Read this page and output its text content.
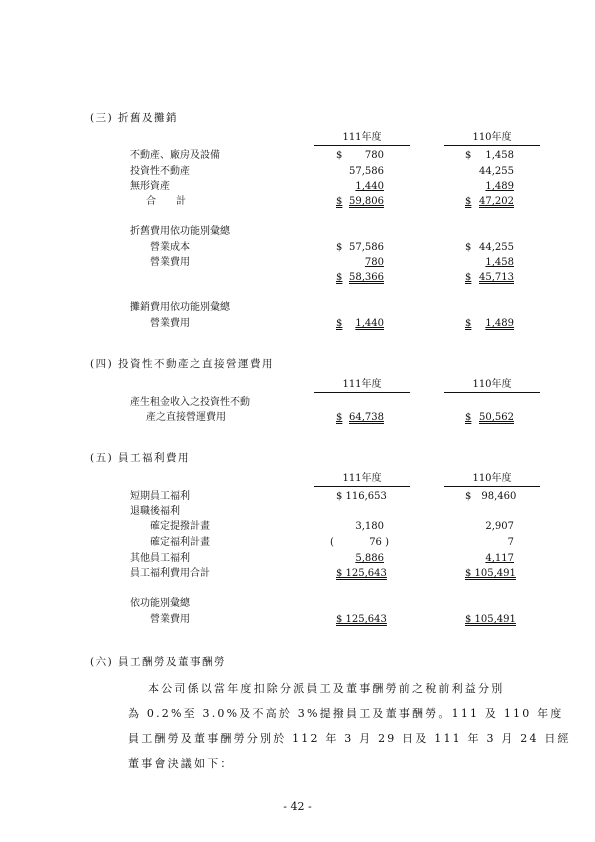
(三) 折舊及攤銷
111年度	110年度
不動產、廠房及設備	$ 780	$ 1,458
投資性不動產	57,586	44,255
無形資產	1,440	1,489
合　　計	$ 59,806	$ 47,202
折舊費用依功能別彙總
營業成本	$ 57,586	$ 44,255
營業費用	780	1,458
$ 58,366	$ 45,713
攤銷費用依功能別彙總
營業費用	$	1,440	$	1,489
(四) 投資性不動產之直接營運費用
111年度	110年度
產生租金收入之投資性不動
產之直接營運費用	$ 64,738	$ 50,562
(五) 員工福利費用
111年度	110年度
短期員工福利	$ 116,653	$　98,460
退職後福利
確定提撥計畫	3,180	2,907
確定福利計畫	(	76 )	7
其他員工福利	5,886	4,117
員工福利費用合計	$ 125,643	$ 105,491
依功能別彙總
營業費用	$ 125,643	$ 105,491
(六) 員工酬勞及董事酬勞
本公司係以當年度扣除分派員工及董事酬勞前之稅前利益分別
為 0.2%至 3.0%及不高於 3%提撥員工及董事酬勞。111 及 110 年度
員工酬勞及董事酬勞分別於 112 年 3 月 29 日及 111 年 3 月 24 日經
董事會決議如下：
- 42 -
